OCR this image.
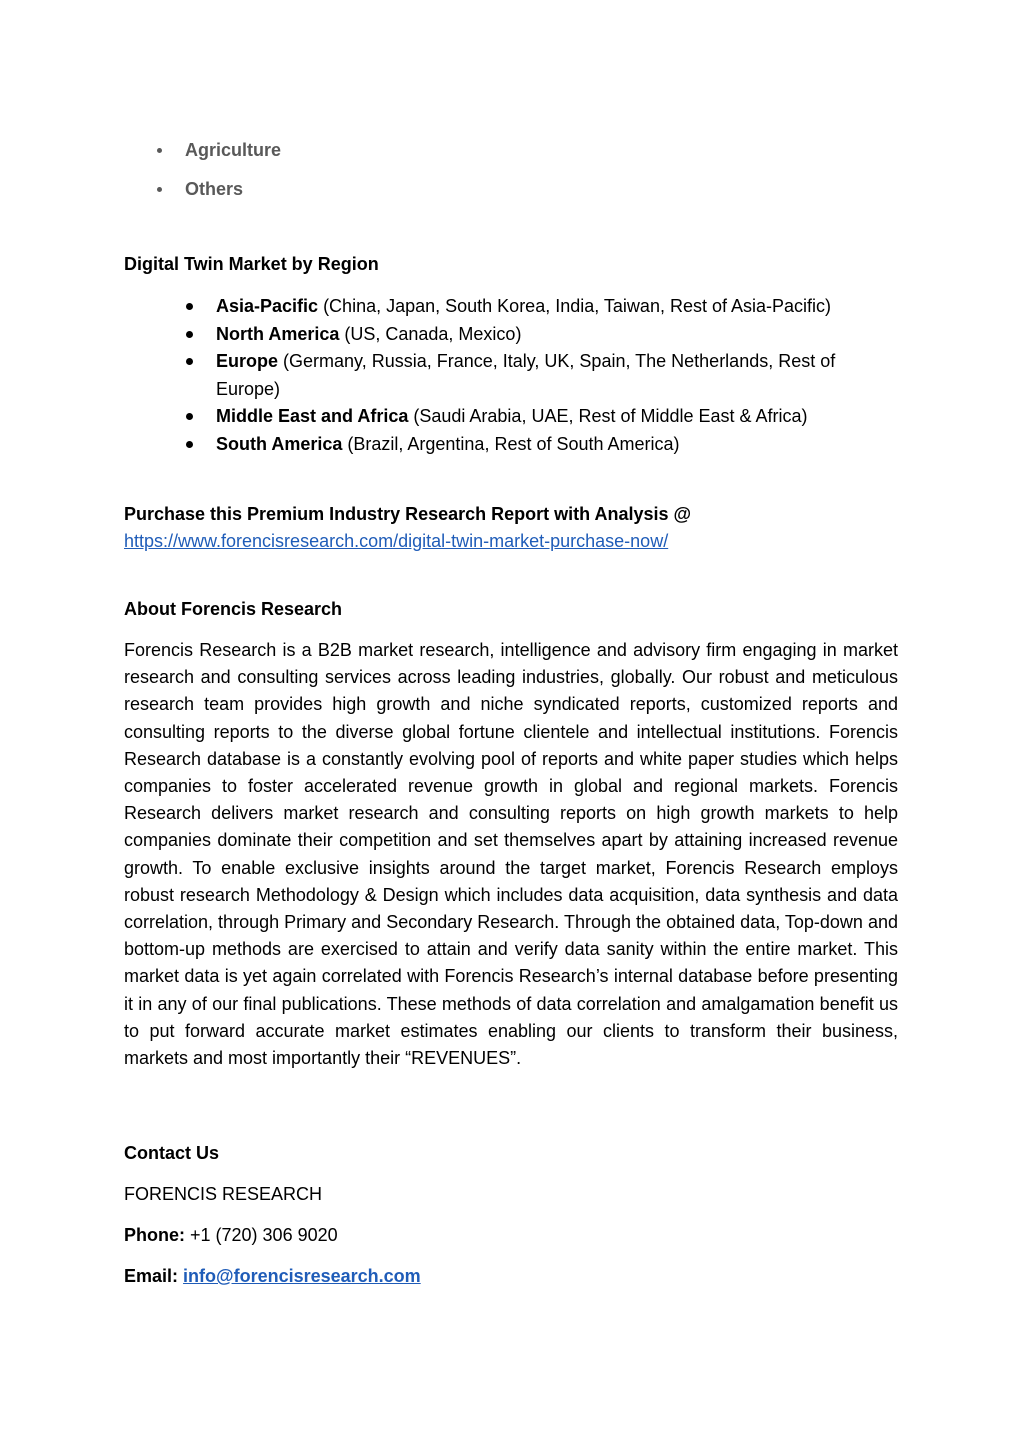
Agriculture
Others
Digital Twin Market by Region
Asia-Pacific (China, Japan, South Korea, India, Taiwan, Rest of Asia-Pacific)
North America (US, Canada, Mexico)
Europe (Germany, Russia, France, Italy, UK, Spain, The Netherlands, Rest of Europe)
Middle East and Africa (Saudi Arabia, UAE, Rest of Middle East & Africa)
South America (Brazil, Argentina, Rest of South America)
Purchase this Premium Industry Research Report with Analysis @
https://www.forencisresearch.com/digital-twin-market-purchase-now/
About Forencis Research

Forencis Research is a B2B market research, intelligence and advisory firm engaging in market research and consulting services across leading industries, globally. Our robust and meticulous research team provides high growth and niche syndicated reports, customized reports and consulting reports to the diverse global fortune clientele and intellectual institutions. Forencis Research database is a constantly evolving pool of reports and white paper studies which helps companies to foster accelerated revenue growth in global and regional markets. Forencis Research delivers market research and consulting reports on high growth markets to help companies dominate their competition and set themselves apart by attaining increased revenue growth. To enable exclusive insights around the target market, Forencis Research employs robust research Methodology & Design which includes data acquisition, data synthesis and data correlation, through Primary and Secondary Research. Through the obtained data, Top-down and bottom-up methods are exercised to attain and verify data sanity within the entire market. This market data is yet again correlated with Forencis Research’s internal database before presenting it in any of our final publications. These methods of data correlation and amalgamation benefit us to put forward accurate market estimates enabling our clients to transform their business, markets and most importantly their “REVENUES”.

Contact Us

FORENCIS RESEARCH

Phone: +1 (720) 306 9020

Email: info@forencisresearch.com
